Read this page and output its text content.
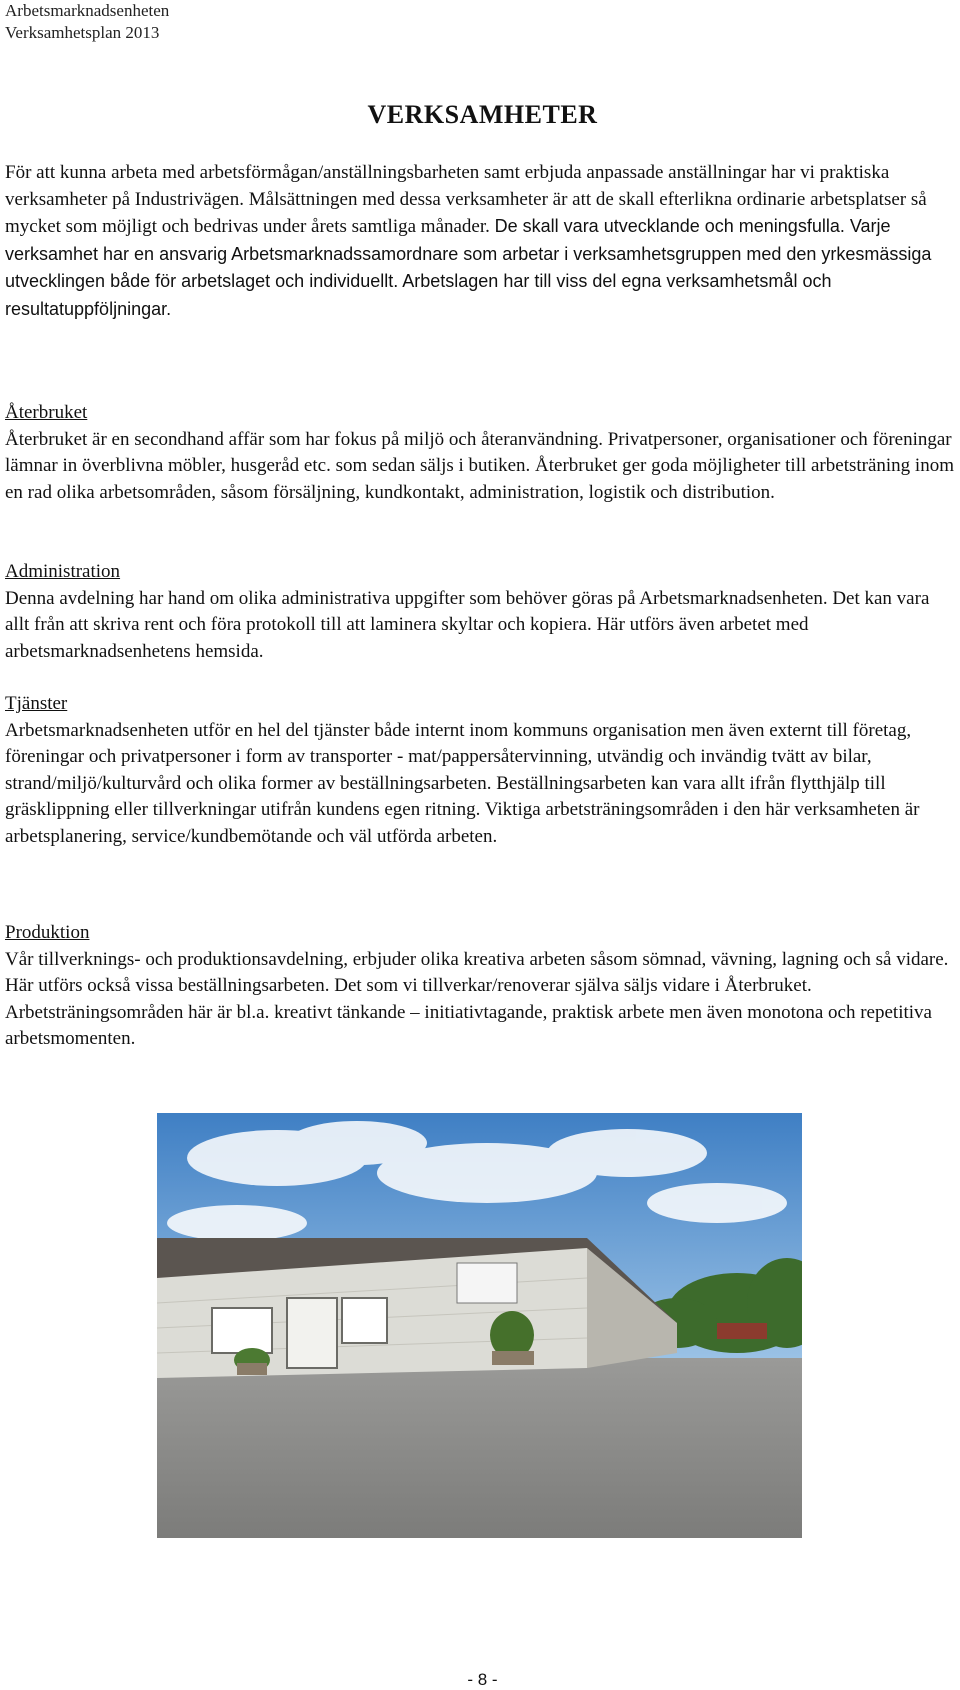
Arbetsmarknadsenheten
Verksamhetsplan 2013
VERKSAMHETER

För att kunna arbeta med arbetsförmågan/anställningsbarheten samt erbjuda anpassade anställningar har vi praktiska verksamheter på Industrivägen. Målsättningen med dessa verksamheter är att de skall efterlikna ordinarie arbetsplatser så mycket som möjligt och bedrivas under årets samtliga månader. De skall vara utvecklande och meningsfulla. Varje verksamhet har en ansvarig Arbetsmarknadssamordnare som arbetar i verksamhetsgruppen med den yrkesmässiga utvecklingen både för arbetslaget och individuellt. Arbetslagen har till viss del egna verksamhetsmål och resultatuppföljningar.

Återbruket

Återbruket är en secondhand affär som har fokus på miljö och återanvändning. Privatpersoner, organisationer och föreningar lämnar in överblivna möbler, husgeråd etc. som sedan säljs i butiken. Återbruket ger goda möjligheter till arbetsträning inom en rad olika arbetsområden, såsom försäljning, kundkontakt, administration, logistik och distribution.

Administration

Denna avdelning har hand om olika administrativa uppgifter som behöver göras på Arbetsmarknadsenheten. Det kan vara allt från att skriva rent och föra protokoll till att laminera skyltar och kopiera. Här utförs även arbetet med arbetsmarknadsenhetens hemsida.

Tjänster

Arbetsmarknadsenheten utför en hel del tjänster både internt inom kommuns organisation men även externt till företag, föreningar och privatpersoner i form av transporter - mat/pappersåtervinning, utvändig och invändig tvätt av bilar, strand/miljö/kulturvård och olika former av beställningsarbeten. Beställningsarbeten kan vara allt ifrån flytthjälp till gräsklippning eller tillverkningar utifrån kundens egen ritning. Viktiga arbetsträningsområden i den här verksamheten är arbetsplanering, service/kundbemötande och väl utförda arbeten.

Produktion

Vår tillverknings- och produktionsavdelning, erbjuder olika kreativa arbeten såsom sömnad, vävning, lagning och så vidare. Här utförs också vissa beställningsarbeten. Det som vi tillverkar/renoverar själva säljs vidare i Återbruket. Arbetsträningsområden här är bl.a. kreativt tänkande – initiativtagande, praktisk arbete men även monotona och repetitiva arbetsmomenten.

- 8 -
